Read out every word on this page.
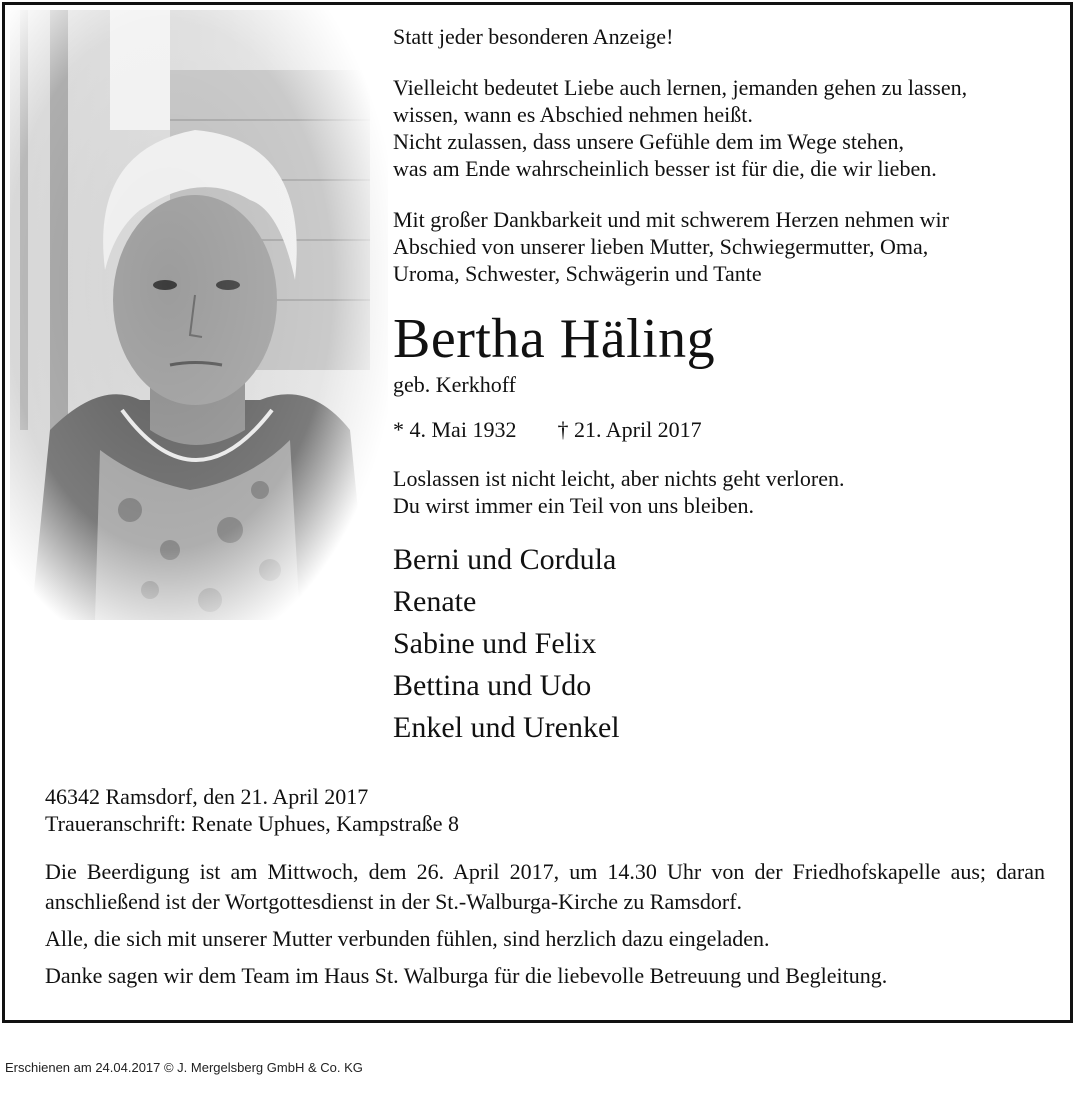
Statt jeder besonderen Anzeige!

Vielleicht bedeutet Liebe auch lernen, jemanden gehen zu lassen,
wissen, wann es Abschied nehmen heißt.
Nicht zulassen, dass unsere Gefühle dem im Wege stehen,
was am Ende wahrscheinlich besser ist für die, die wir lieben.
Mit großer Dankbarkeit und mit schwerem Herzen nehmen wir
Abschied von unserer lieben Mutter, Schwiegermutter, Oma,
Uroma, Schwester, Schwägerin und Tante

Bertha Häling

geb. Kerkhoff

* 4. Mai 1932 † 21. April 2017

Loslassen ist nicht leicht, aber nichts geht verloren.
Du wirst immer ein Teil von uns bleiben.
Berni und Cordula
Renate
Sabine und Felix
Bettina und Udo
Enkel und Urenkel
46342 Ramsdorf, den 21. April 2017
Traueranschrift: Renate Uphues, Kampstraße 8

Die Beerdigung ist am Mittwoch, dem 26. April 2017, um 14.30 Uhr von der Friedhofskapelle aus; daran anschließend ist der Wortgottesdienst in der St.-Walburga-Kirche zu Ramsdorf.

Alle, die sich mit unserer Mutter verbunden fühlen, sind herzlich dazu eingeladen.

Danke sagen wir dem Team im Haus St. Walburga für die liebevolle Betreuung und Begleitung.

Erschienen am 24.04.2017 © J. Mergelsberg GmbH & Co. KG
